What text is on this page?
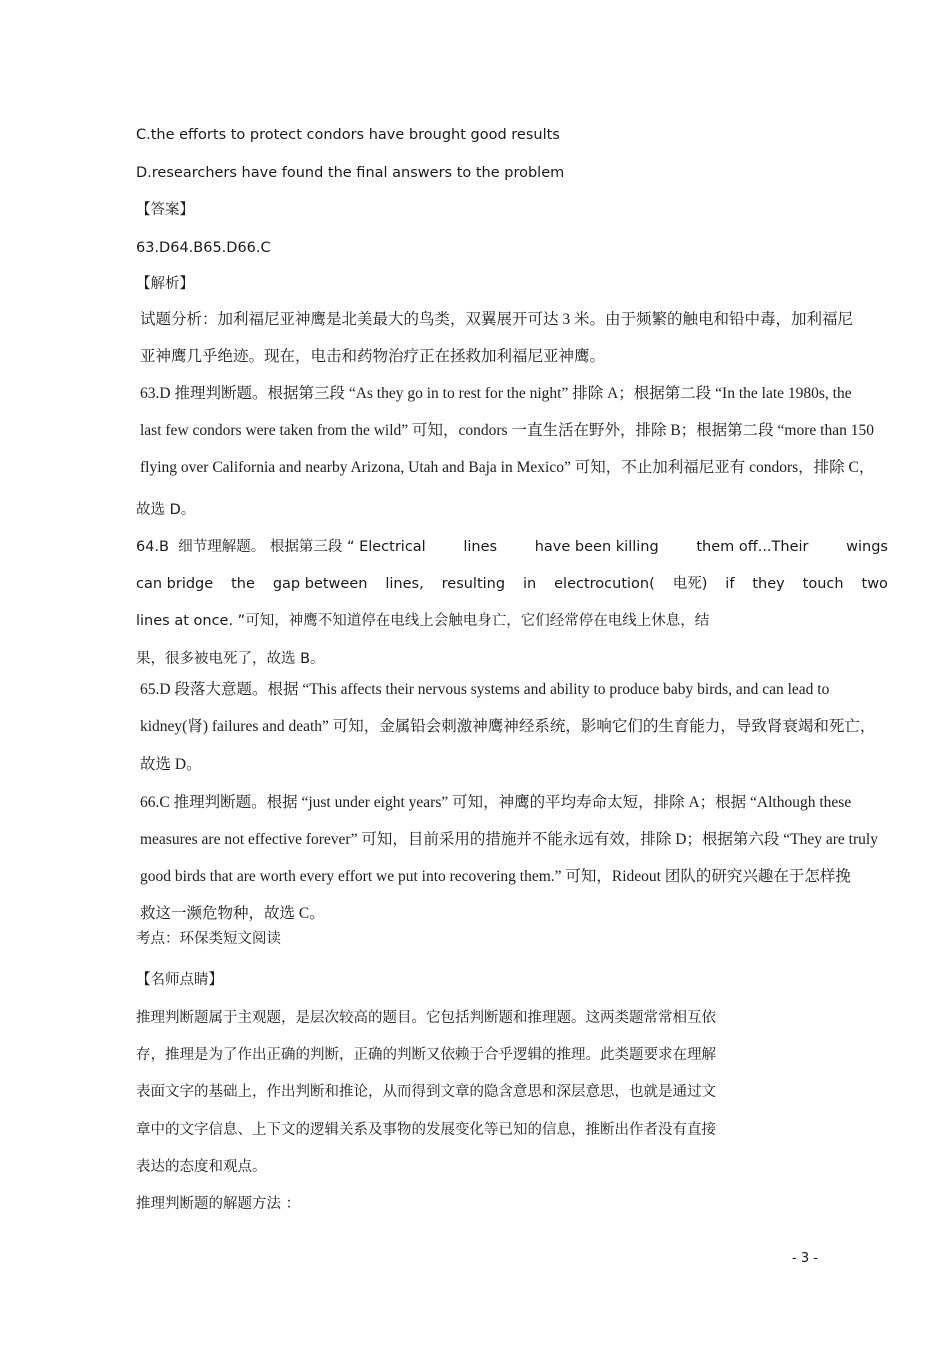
C.the efforts to protect condors have brought good results
D.researchers have found the final answers to the problem
【答案】
63.D64.B65.D66.C
【解析】
试题分析：加利福尼亚神鹰是北美最大的鸟类，双翼展开可达 3 米。由于频繁的触电和铅中毒，加利福尼
亚神鹰几乎绝迹。现在，电击和药物治疗正在拯救加利福尼亚神鹰。
63.D 推理判断题。根据第三段 “As they go in to rest for the night” 排除 A；根据第二段 “In the late 1980s, the
last few condors were taken from the wild” 可知，condors 一直生活在野外，排除 B；根据第二段 “more than 150
flying over California and nearby Arizona, Utah and Baja in Mexico” 可知，不止加利福尼亚有 condors，排除 C，
故选 D。
64.B  细节理解题。 根据第三段 “ Electrical	lines	have been killing	them off...Their	wings
can bridge the gap between lines, resulting in electrocution( 电死) if they touch two
lines at once. ”可知，神鹰不知道停在电线上会触电身亡，它们经常停在电线上休息，结
果，很多被电死了，故选 B。
65.D 段落大意题。根据 “This affects their nervous systems and ability to produce baby birds, and can lead to
kidney(肾) failures and death” 可知，金属铅会刺激神鹰神经系统，影响它们的生育能力，导致肾衰竭和死亡，
故选 D。
66.C 推理判断题。根据 “just under eight years” 可知，神鹰的平均寿命太短，排除 A；根据 “Although these
measures are not effective forever” 可知，目前采用的措施并不能永远有效，排除 D；根据第六段 “They are truly
good birds that are worth every effort we put into recovering them.” 可知，Rideout 团队的研究兴趣在于怎样挽
救这一濒危物种，故选 C。
考点：环保类短文阅读
【名师点睛】
推理判断题属于主观题，是层次较高的题目。它包括判断题和推理题。这两类题常常相互依
存，推理是为了作出正确的判断，正确的判断又依赖于合乎逻辑的推理。此类题要求在理解
表面文字的基础上，作出判断和推论，从而得到文章的隐含意思和深层意思，也就是通过文
章中的文字信息、上下文的逻辑关系及事物的发展变化等已知的信息，推断出作者没有直接
表达的态度和观点。
推理判断题的解题方法 ：
- 3 -
